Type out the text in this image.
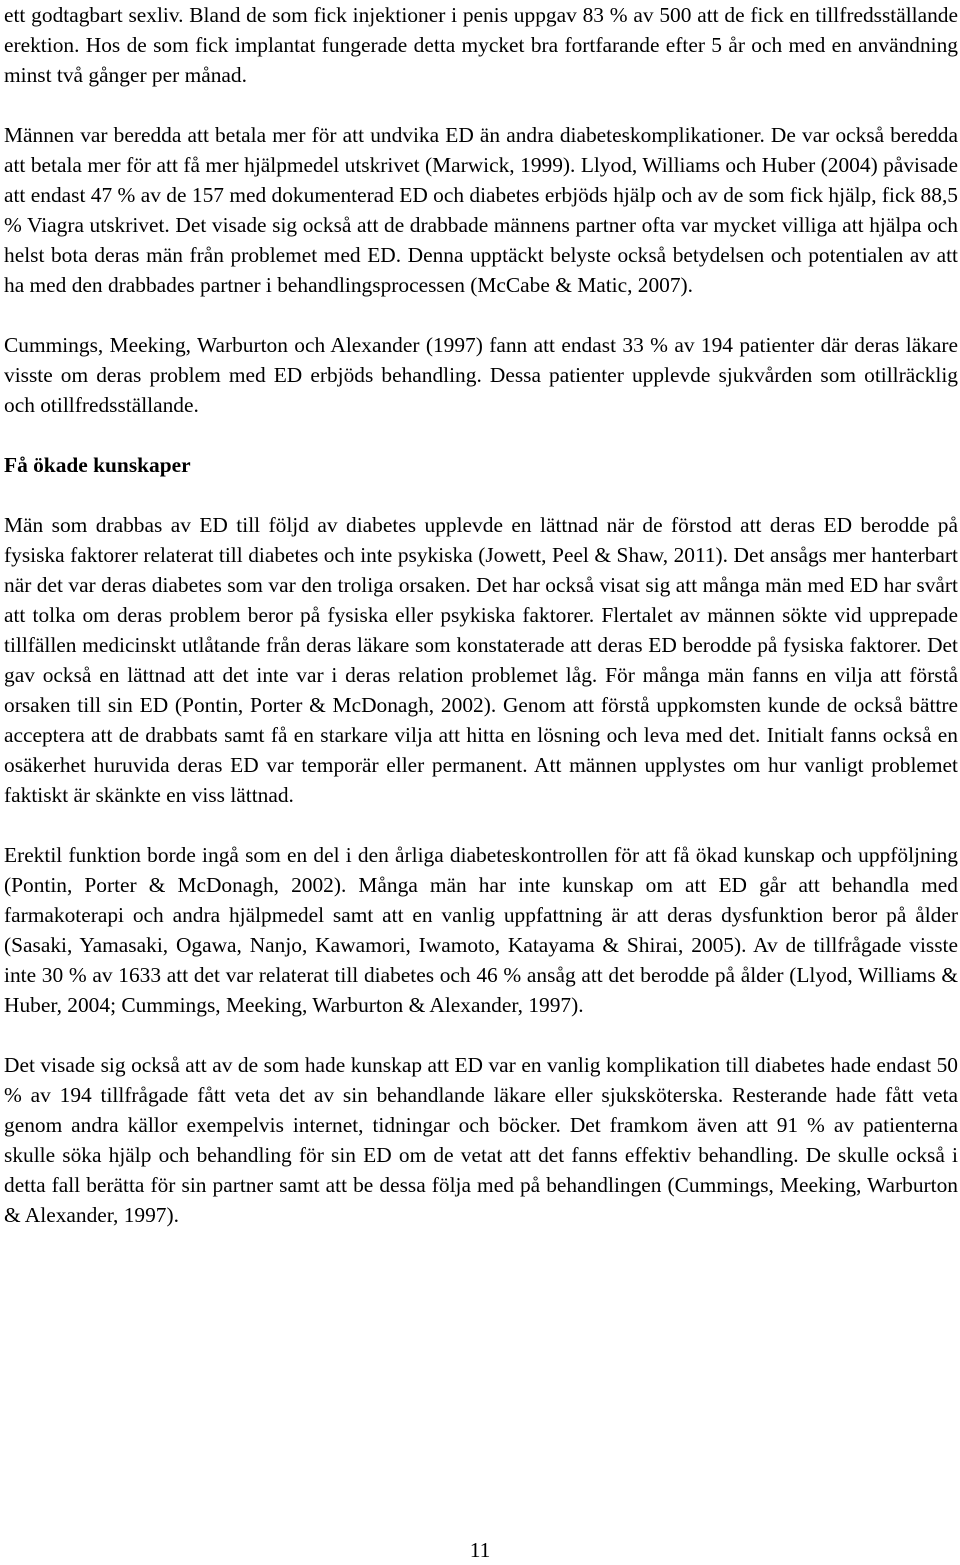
ett godtagbart sexliv. Bland de som fick injektioner i penis uppgav 83 % av 500 att de fick en tillfredsställande erektion. Hos de som fick implantat fungerade detta mycket bra fortfarande efter 5 år och med en användning minst två gånger per månad.

Männen var beredda att betala mer för att undvika ED än andra diabeteskomplikationer. De var också beredda att betala mer för att få mer hjälpmedel utskrivet (Marwick, 1999). Llyod, Williams och Huber (2004) påvisade att endast 47 % av de 157 med dokumenterad ED och diabetes erbjöds hjälp och av de som fick hjälp, fick 88,5 % Viagra utskrivet. Det visade sig också att de drabbade männens partner ofta var mycket villiga att hjälpa och helst bota deras män från problemet med ED. Denna upptäckt belyste också betydelsen och potentialen av att ha med den drabbades partner i behandlingsprocessen (McCabe & Matic, 2007).

Cummings, Meeking, Warburton och Alexander (1997) fann att endast 33 % av 194 patienter där deras läkare visste om deras problem med ED erbjöds behandling. Dessa patienter upplevde sjukvården som otillräcklig och otillfredsställande.

Få ökade kunskaper

Män som drabbas av ED till följd av diabetes upplevde en lättnad när de förstod att deras ED berodde på fysiska faktorer relaterat till diabetes och inte psykiska (Jowett, Peel & Shaw, 2011). Det ansågs mer hanterbart när det var deras diabetes som var den troliga orsaken. Det har också visat sig att många män med ED har svårt att tolka om deras problem beror på fysiska eller psykiska faktorer. Flertalet av männen sökte vid upprepade tillfällen medicinskt utlåtande från deras läkare som konstaterade att deras ED berodde på fysiska faktorer. Det gav också en lättnad att det inte var i deras relation problemet låg. För många män fanns en vilja att förstå orsaken till sin ED (Pontin, Porter & McDonagh, 2002). Genom att förstå uppkomsten kunde de också bättre acceptera att de drabbats samt få en starkare vilja att hitta en lösning och leva med det. Initialt fanns också en osäkerhet huruvida deras ED var temporär eller permanent. Att männen upplystes om hur vanligt problemet faktiskt är skänkte en viss lättnad.

Erektil funktion borde ingå som en del i den årliga diabeteskontrollen för att få ökad kunskap och uppföljning (Pontin, Porter & McDonagh, 2002). Många män har inte kunskap om att ED går att behandla med farmakoterapi och andra hjälpmedel samt att en vanlig uppfattning är att deras dysfunktion beror på ålder (Sasaki, Yamasaki, Ogawa, Nanjo, Kawamori, Iwamoto, Katayama & Shirai, 2005). Av de tillfrågade visste inte 30 % av 1633 att det var relaterat till diabetes och 46 % ansåg att det berodde på ålder (Llyod, Williams & Huber, 2004; Cummings, Meeking, Warburton & Alexander, 1997).

Det visade sig också att av de som hade kunskap att ED var en vanlig komplikation till diabetes hade endast 50 % av 194 tillfrågade fått veta det av sin behandlande läkare eller sjuksköterska. Resterande hade fått veta genom andra källor exempelvis internet, tidningar och böcker. Det framkom även att 91 % av patienterna skulle söka hjälp och behandling för sin ED om de vetat att det fanns effektiv behandling. De skulle också i detta fall berätta för sin partner samt att be dessa följa med på behandlingen (Cummings, Meeking, Warburton & Alexander, 1997).

11
